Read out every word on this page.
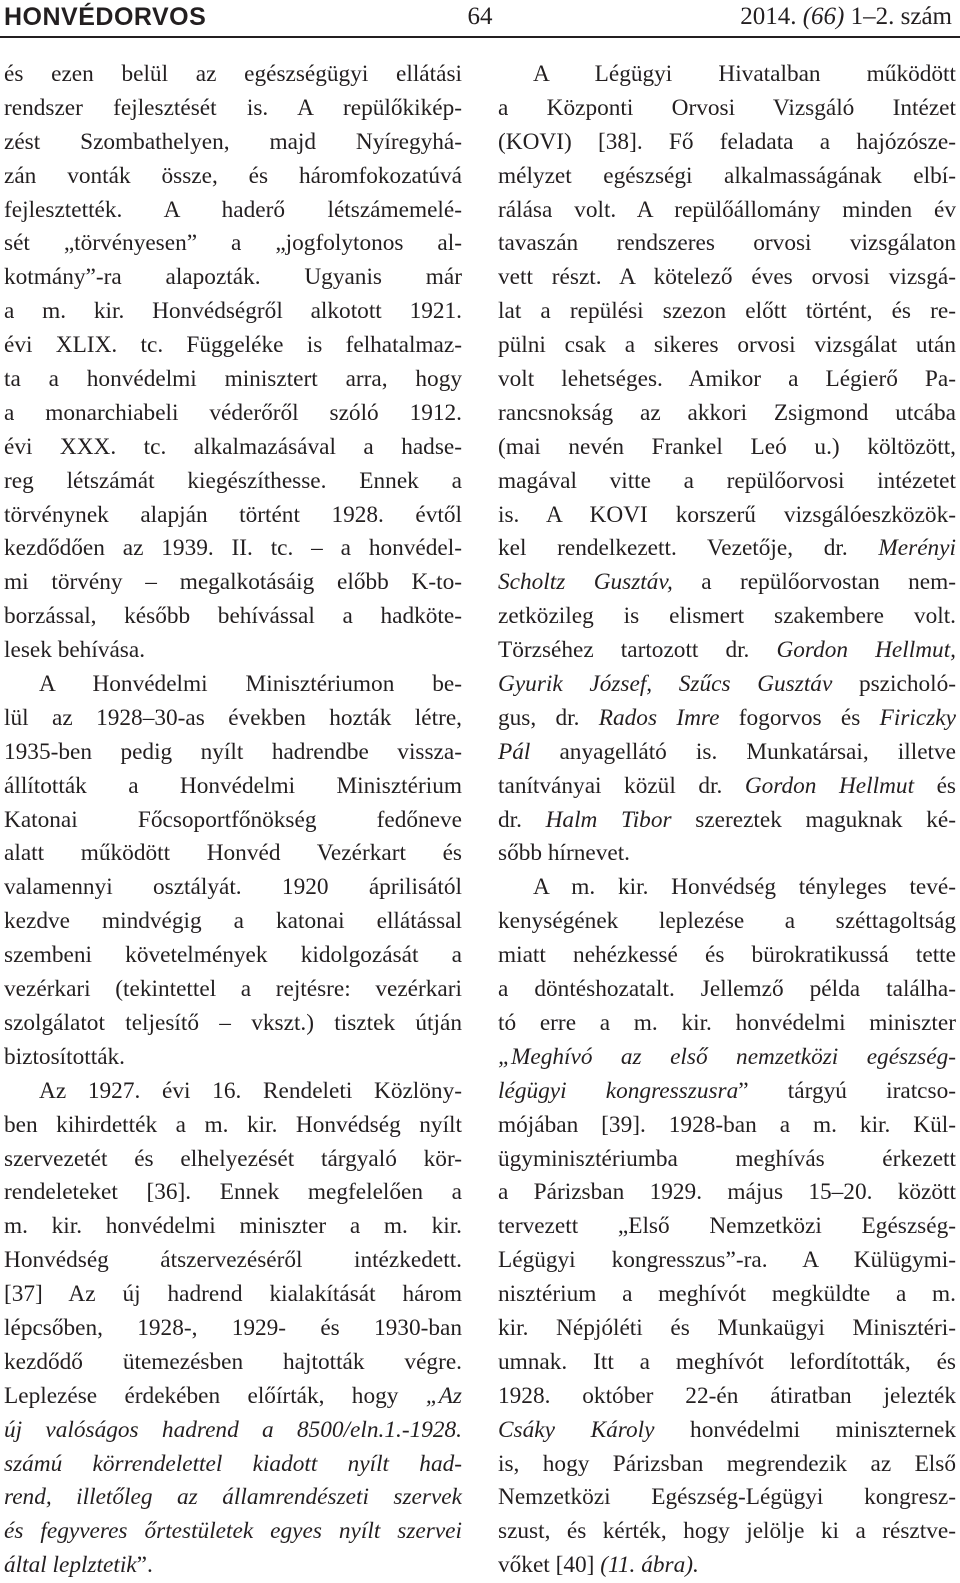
HONVÉDORVOS	64	2014. (66) 1–2. szám
és ezen belül az egészségügyi ellátási
rendszer fejlesztését is. A repülőkikép-
zést Szombathelyen, majd Nyíregyhá-
zán vonták össze, és háromfokozatúvá
fejlesztették. A haderő létszámemelé-
sét „törvényesen” a „jogfolytonos al-
kotmány”-ra alapozták. Ugyanis már
a m. kir. Honvédségről alkotott 1921.
évi XLIX. tc. Függeléke is felhatalmaz-
ta a honvédelmi minisztert arra, hogy
a monarchiabeli véderőről szóló 1912.
évi XXX. tc. alkalmazásával a hadse-
reg létszámát kiegészíthesse. Ennek a
törvénynek alapján történt 1928. évtől
kezdődően az 1939. II. tc. – a honvédel-
mi törvény – megalkotásáig előbb K-to-
borzással, később behívással a hadköte-
lesek behívása.
A Honvédelmi Minisztériumon be-
lül az 1928–30-as években hozták létre,
1935-ben pedig nyílt hadrendbe vissza-
állították a Honvédelmi Minisztérium
Katonai Főcsoportfőnökség fedőneve
alatt működött Honvéd Vezérkart és
valamennyi osztályát. 1920 áprilisától
kezdve mindvégig a katonai ellátással
szembeni követelmények kidolgozását a
vezérkari (tekintettel a rejtésre: vezérkari
szolgálatot teljesítő – vkszt.) tisztek útján
biztosították.
Az 1927. évi 16. Rendeleti Közlöny-
ben kihirdették a m. kir. Honvédség nyílt
szervezetét és elhelyezését tárgyaló kör-
rendeleteket [36]. Ennek megfelelően a
m. kir. honvédelmi miniszter a m. kir.
Honvédség átszervezéséről intézkedett.
[37] Az új hadrend kialakítását három
lépcsőben, 1928-, 1929- és 1930-ban
kezdődő ütemezésben hajtották végre.
Leplezése érdekében előírták, hogy „Az
új valóságos hadrend a 8500/eln.1.-1928.
számú körrendelettel kiadott nyílt had-
rend, illetőleg az államrendészeti szervek
és fegyveres őrtestületek egyes nyílt szervei
által leplztetik”.
A Légügyi Hivatalban működött
a Központi Orvosi Vizsgáló Intézet
(KOVI) [38]. Fő feladata a hajózósze-
mélyzet egészségi alkalmasságának elbí-
rálása volt. A repülőállomány minden év
tavaszán rendszeres orvosi vizsgálaton
vett részt. A kötelező éves orvosi vizsgá-
lat a repülési szezon előtt történt, és re-
pülni csak a sikeres orvosi vizsgálat után
volt lehetséges. Amikor a Légierő Pa-
rancsnokság az akkori Zsigmond utcába
(mai nevén Frankel Leó u.) költözött,
magával vitte a repülőorvosi intézetet
is. A KOVI korszerű vizsgálóeszközök-
kel rendelkezett. Vezetője, dr. Merényi
Scholtz Gusztáv, a repülőorvostan nem-
zetközileg is elismert szakembere volt.
Törzséhez tartozott dr. Gordon Hellmut,
Gyurik József, Szűcs Gusztáv pszicholó-
gus, dr. Rados Imre fogorvos és Firiczky
Pál anyagellátó is. Munkatársai, illetve
tanítványai közül dr. Gordon Hellmut és
dr. Halm Tibor szereztek maguknak ké-
sőbb hírnevet.
A m. kir. Honvédség tényleges tevé-
kenységének leplezése a széttagoltság
miatt nehézkessé és bürokratikussá tette
a döntéshozatalt. Jellemző példa találha-
tó erre a m. kir. honvédelmi miniszter
„Meghívó az első nemzetközi egészség-
légügyi kongresszusra” tárgyú iratcso-
mójában [39]. 1928-ban a m. kir. Kül-
ügyminisztériumba meghívás érkezett
a Párizsban 1929. május 15–20. között
tervezett „Első Nemzetközi Egészség-
Légügyi kongresszus”-ra. A Külügymi-
nisztérium a meghívót megküldte a m.
kir. Népjóléti és Munkaügyi Minisztéri-
umnak. Itt a meghívót lefordították, és
1928. október 22-én átiratban jelezték
Csáky Károly honvédelmi miniszternek
is, hogy Párizsban megrendezik az Első
Nemzetközi Egészség-Légügyi kongresz-
szust, és kérték, hogy jelölje ki a résztve-
vőket [40] (11. ábra).
